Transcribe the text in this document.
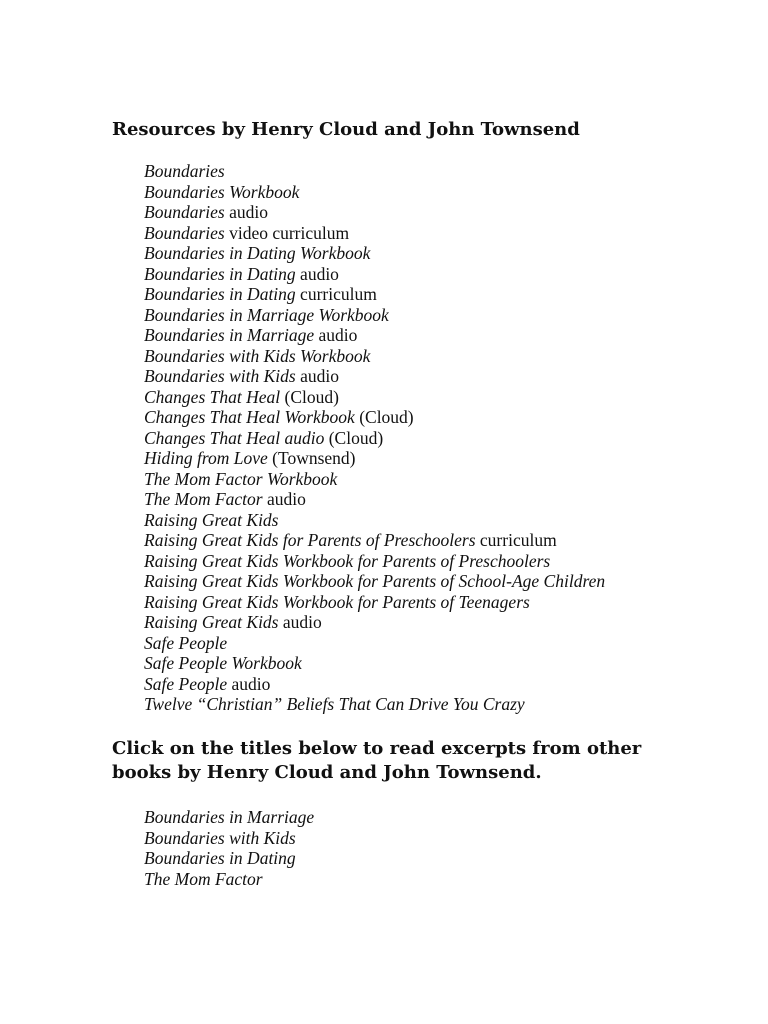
Resources by Henry Cloud and John Townsend
Boundaries
Boundaries Workbook
Boundaries audio
Boundaries video curriculum
Boundaries in Dating Workbook
Boundaries in Dating audio
Boundaries in Dating curriculum
Boundaries in Marriage Workbook
Boundaries in Marriage audio
Boundaries with Kids Workbook
Boundaries with Kids audio
Changes That Heal (Cloud)
Changes That Heal Workbook (Cloud)
Changes That Heal audio (Cloud)
Hiding from Love (Townsend)
The Mom Factor Workbook
The Mom Factor audio
Raising Great Kids
Raising Great Kids for Parents of Preschoolers curriculum
Raising Great Kids Workbook for Parents of Preschoolers
Raising Great Kids Workbook for Parents of School-Age Children
Raising Great Kids Workbook for Parents of Teenagers
Raising Great Kids audio
Safe People
Safe People Workbook
Safe People audio
Twelve “Christian” Beliefs That Can Drive You Crazy
Click on the titles below to read excerpts from other
books by Henry Cloud and John Townsend.
Boundaries in Marriage
Boundaries with Kids
Boundaries in Dating
The Mom Factor
